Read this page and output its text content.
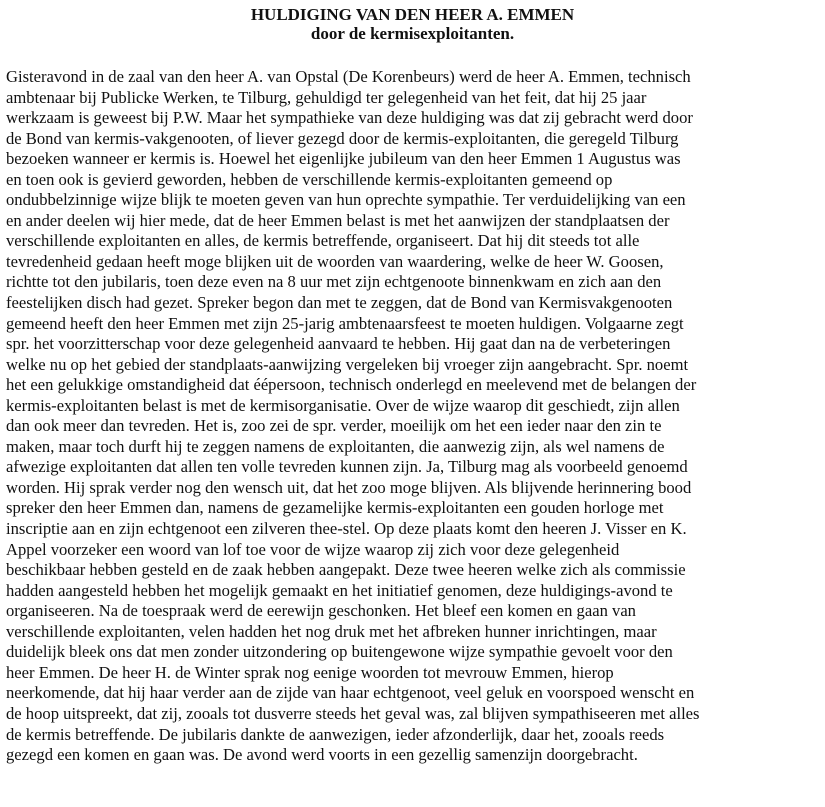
HULDIGING VAN DEN HEER A. EMMEN
door de kermisexploitanten.
Gisteravond in de zaal van den heer A. van Opstal (De Korenbeurs) werd de heer A. Emmen, technisch
ambtenaar bij Publicke Werken, te Tilburg, gehuldigd ter gelegenheid van het feit, dat hij 25 jaar
werkzaam is geweest bij P.W. Maar het sympathieke van deze huldiging was dat zij gebracht werd door
de Bond van kermis-vakgenooten, of liever gezegd door de kermis-exploitanten, die geregeld Tilburg
bezoeken wanneer er kermis is. Hoewel het eigenlijke jubileum van den heer Emmen 1 Augustus was
en toen ook is gevierd geworden, hebben de verschillende kermis-exploitanten gemeend op
ondubbelzinnige wijze blijk te moeten geven van hun oprechte sympathie. Ter verduidelijking van een
en ander deelen wij hier mede, dat de heer Emmen belast is met het aanwijzen der standplaatsen der
verschillende exploitanten en alles, de kermis betreffende, organiseert. Dat hij dit steeds tot alle
tevredenheid gedaan heeft moge blijken uit de woorden van waardering, welke de heer W. Goosen,
richtte tot den jubilaris, toen deze even na 8 uur met zijn echtgenoote binnenkwam en zich aan den
feestelijken disch had gezet. Spreker begon dan met te zeggen, dat de Bond van Kermisvakgenooten
gemeend heeft den heer Emmen met zijn 25-jarig ambtenaarsfeest te moeten huldigen. Volgaarne zegt
spr. het voorzitterschap voor deze gelegenheid aanvaard te hebben. Hij gaat dan na de verbeteringen
welke nu op het gebied der standplaats-aanwijzing vergeleken bij vroeger zijn aangebracht. Spr. noemt
het een gelukkige omstandigheid dat éépersoon, technisch onderlegd en meelevend met de belangen der
kermis-exploitanten belast is met de kermisorganisatie. Over de wijze waarop dit geschiedt, zijn allen
dan ook meer dan tevreden. Het is, zoo zei de spr. verder, moeilijk om het een ieder naar den zin te
maken, maar toch durft hij te zeggen namens de exploitanten, die aanwezig zijn, als wel namens de
afwezige exploitanten dat allen ten volle tevreden kunnen zijn. Ja, Tilburg mag als voorbeeld genoemd
worden. Hij sprak verder nog den wensch uit, dat het zoo moge blijven. Als blijvende herinnering bood
spreker den heer Emmen dan, namens de gezamelijke kermis-exploitanten een gouden horloge met
inscriptie aan en zijn echtgenoot een zilveren thee-stel. Op deze plaats komt den heeren J. Visser en K.
Appel voorzeker een woord van lof toe voor de wijze waarop zij zich voor deze gelegenheid
beschikbaar hebben gesteld en de zaak hebben aangepakt. Deze twee heeren welke zich als commissie
hadden aangesteld hebben het mogelijk gemaakt en het initiatief genomen, deze huldigings-avond te
organiseeren. Na de toespraak werd de eerewijn geschonken. Het bleef een komen en gaan van
verschillende exploitanten, velen hadden het nog druk met het afbreken hunner inrichtingen, maar
duidelijk bleek ons dat men zonder uitzondering op buitengewone wijze sympathie gevoelt voor den
heer Emmen. De heer H. de Winter sprak nog eenige woorden tot mevrouw Emmen, hierop
neerkomende, dat hij haar verder aan de zijde van haar echtgenoot, veel geluk en voorspoed wenscht en
de hoop uitspreekt, dat zij, zooals tot dusverre steeds het geval was, zal blijven sympathiseeren met alles
de kermis betreffende. De jubilaris dankte de aanwezigen, ieder afzonderlijk, daar het, zooals reeds
gezegd een komen en gaan was. De avond werd voorts in een gezellig samenzijn doorgebracht.
